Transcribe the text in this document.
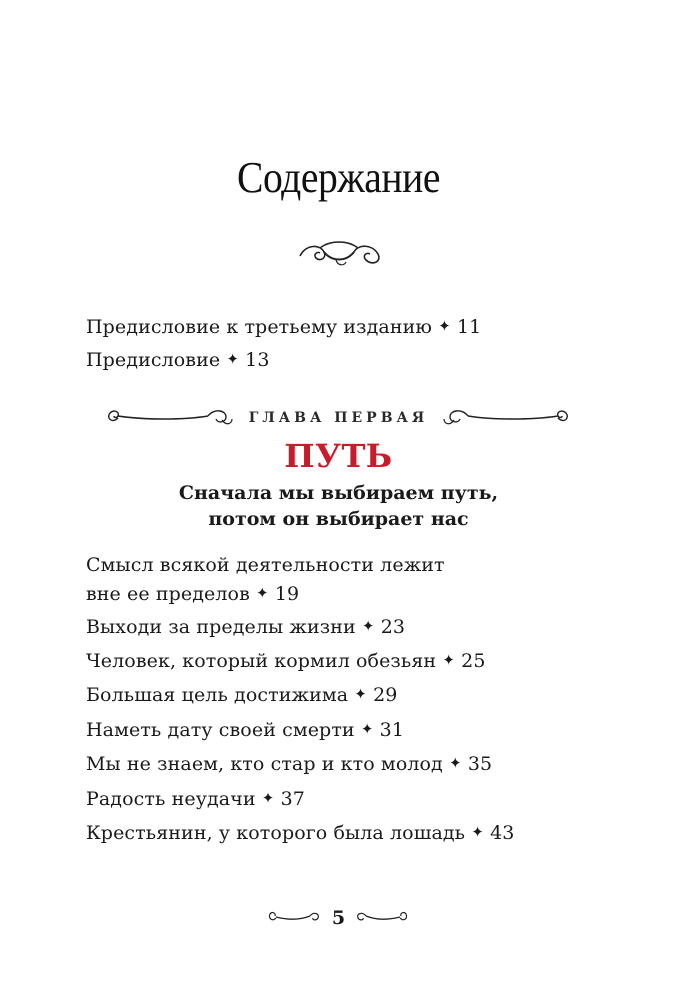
Содержание
Предисловие к третьему изданию ✦ 11
Предисловие ✦ 13
ГЛАВА ПЕРВАЯ
ПУТЬ
Сначала мы выбираем путь,
потом он выбирает нас
Смысл всякой деятельности лежит
вне ее пределов ✦ 19
Выходи за пределы жизни ✦ 23
Человек, который кормил обезьян ✦ 25
Большая цель достижима ✦ 29
Наметь дату своей смерти ✦ 31
Мы не знаем, кто стар и кто молод ✦ 35
Радость неудачи ✦ 37
Крестьянин, у которого была лошадь ✦ 43
5
